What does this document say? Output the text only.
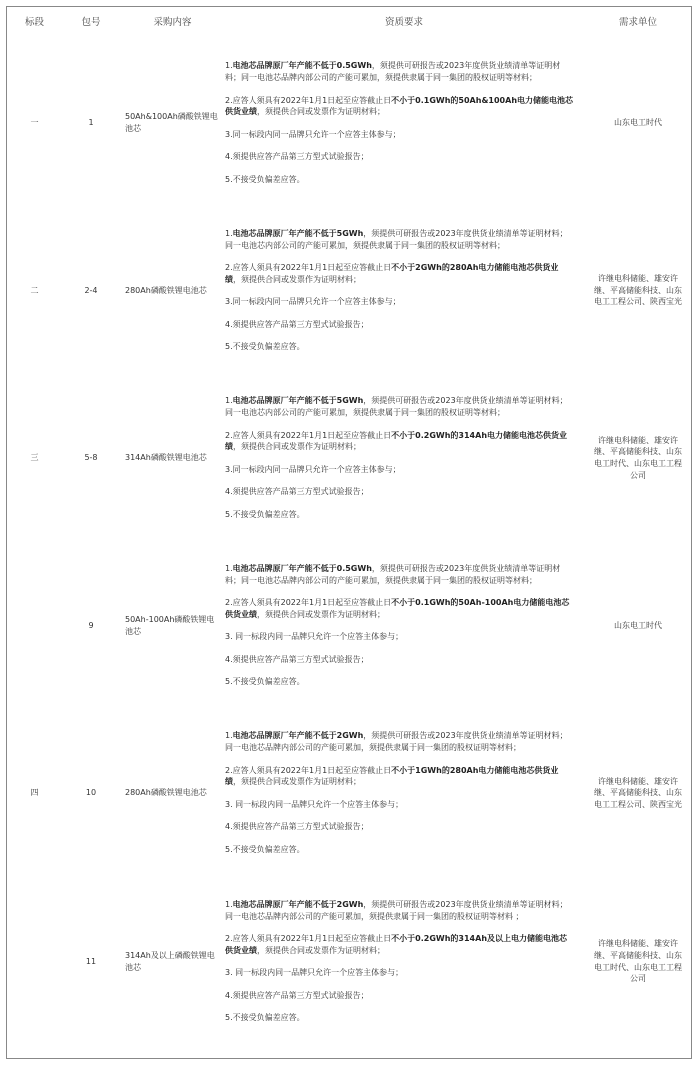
标段	包号	采购内容	资质要求	需求单位
一	1	50Ah&100Ah磷酸铁锂电池芯	1.电池芯品牌原厂年产能不低于0.5GWh，须提供可研报告或2023年度供货业绩清单等证明材料；同一电池芯品牌内部公司的产能可累加，须提供隶属于同一集团的股权证明等材料；

2.应答人须具有2022年1月1日起至应答截止日不小于0.1GWh的50Ah&100Ah电力储能电池芯供货业绩，须提供合同或发票作为证明材料；

3.同一标段内同一品牌只允许一个应答主体参与；

4.须提供应答产品第三方型式试验报告；

5.不接受负偏差应答。	山东电工时代
二	2-4	280Ah磷酸铁锂电池芯	1.电池芯品牌原厂年产能不低于5GWh，须提供可研报告或2023年度供货业绩清单等证明材料；同一电池芯内部公司的产能可累加，须提供隶属于同一集团的股权证明等材料；

2.应答人须具有2022年1月1日起至应答截止日不小于2GWh的280Ah电力储能电池芯供货业绩，须提供合同或发票作为证明材料；

3.同一标段内同一品牌只允许一个应答主体参与；

4.须提供应答产品第三方型式试验报告；

5.不接受负偏差应答。	许继电科储能、雄安许继、平高储能科技、山东电工工程公司、陕西宝光
三	5-8	314Ah磷酸铁锂电池芯	1.电池芯品牌原厂年产能不低于5GWh，须提供可研报告或2023年度供货业绩清单等证明材料；同一电池芯内部公司的产能可累加，须提供隶属于同一集团的股权证明等材料；

2.应答人须具有2022年1月1日起至应答截止日不小于0.2GWh的314Ah电力储能电池芯供货业绩，须提供合同或发票作为证明材料；

3.同一标段内同一品牌只允许一个应答主体参与；

4.须提供应答产品第三方型式试验报告；

5.不接受负偏差应答。	许继电科储能、雄安许继、平高储能科技、山东电工时代、山东电工工程公司
	9	50Ah-100Ah磷酸铁锂电池芯	1.电池芯品牌原厂年产能不低于0.5GWh，须提供可研报告或2023年度供货业绩清单等证明材料；同一电池芯品牌内部公司的产能可累加，须提供隶属于同一集团的股权证明等材料；

2.应答人须具有2022年1月1日起至应答截止日不小于0.1GWh的50Ah-100Ah电力储能电池芯供货业绩，须提供合同或发票作为证明材料；

3. 同一标段内同一品牌只允许一个应答主体参与；

4.须提供应答产品第三方型式试验报告；

5.不接受负偏差应答。	山东电工时代
四	10	280Ah磷酸铁锂电池芯	1.电池芯品牌原厂年产能不低于2GWh，须提供可研报告或2023年度供货业绩清单等证明材料；同一电池芯品牌内部公司的产能可累加，须提供隶属于同一集团的股权证明等材料；

2.应答人须具有2022年1月1日起至应答截止日不小于1GWh的280Ah电力储能电池芯供货业绩，须提供合同或发票作为证明材料；

3. 同一标段内同一品牌只允许一个应答主体参与；

4.须提供应答产品第三方型式试验报告；

5.不接受负偏差应答。	许继电科储能、雄安许继、平高储能科技、山东电工工程公司、陕西宝光
	11	314Ah及以上磷酸铁锂电池芯	1.电池芯品牌原厂年产能不低于2GWh，须提供可研报告或2023年度供货业绩清单等证明材料；同一电池芯品牌内部公司的产能可累加，须提供隶属于同一集团的股权证明等材料 ；

2.应答人须具有2022年1月1日起至应答截止日不小于0.2GWh的314Ah及以上电力储能电池芯供货业绩，须提供合同或发票作为证明材料；

3. 同一标段内同一品牌只允许一个应答主体参与；

4.须提供应答产品第三方型式试验报告；

5.不接受负偏差应答。	许继电科储能、雄安许继、平高储能科技、山东电工时代、山东电工工程公司
